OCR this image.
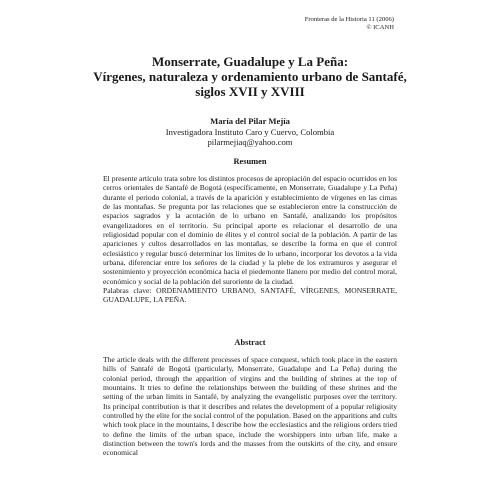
Fronteras de la Historia 11 (2006)
© ICANH
Monserrate, Guadalupe y La Peña:
Vírgenes, naturaleza y ordenamiento urbano de Santafé,
siglos XVII y XVIII
María del Pilar Mejía
Investigadora Instituto Caro y Cuervo, Colombia
pilarmejiaq@yahoo.com
Resumen

El presente artículo trata sobre los distintos procesos de apropiación del espacio ocurridos en los cerros orientales de Santafé de Bogotá (específicamente, en Monserrate, Guadalupe y La Peña) durante el periodo colonial, a través de la aparición y establecimiento de vírgenes en las cimas de las montañas. Se pregunta por las relaciones que se establecieron entre la construcción de espacios sagrados y la acotación de lo urbano en Santafé, analizando los propósitos evangelizadores en el territorio. Su principal aporte es relacionar el desarrollo de una religiosidad popular con el dominio de élites y el control social de la población. A partir de las apariciones y cultos desarrollados en las montañas, se describe la forma en que el control eclesiástico y regular buscó determinar los límites de lo urbano, incorporar los devotos a la vida urbana, diferenciar entre los señores de la ciudad y la plebe de los extramuros y asegurar el sostenimiento y proyección económica hacia el piedemonte llanero por medio del control moral, económico y social de la población del suroriente de la ciudad.

Palabras clave: ORDENAMIENTO URBANO, SANTAFÉ, VÍRGENES, MONSERRATE, GUADALUPE, LA PEÑA.

Abstract

The article deals with the different processes of space conquest, which took place in the eastern hills of Santafé de Bogotá (particularly, Monserrate, Guadalupe and La Peña) during the colonial period, through the apparition of virgins and the building of shrines at the top of mountains. It tries to define the relationships between the building of these shrines and the setting of the urban limits in Santafé, by analyzing the evangelistic purposes over the territory. Its principal contribution is that it describes and relates the development of a popular religiosity controlled by the elite for the social control of the population. Based on the apparitions and cults which took place in the mountains, I describe how the ecclesiastics and the religious orders tried to define the limits of the urban space, include the worshippers into urban life, make a distinction between the town's lords and the masses from the outskirts of the city, and ensure economical
